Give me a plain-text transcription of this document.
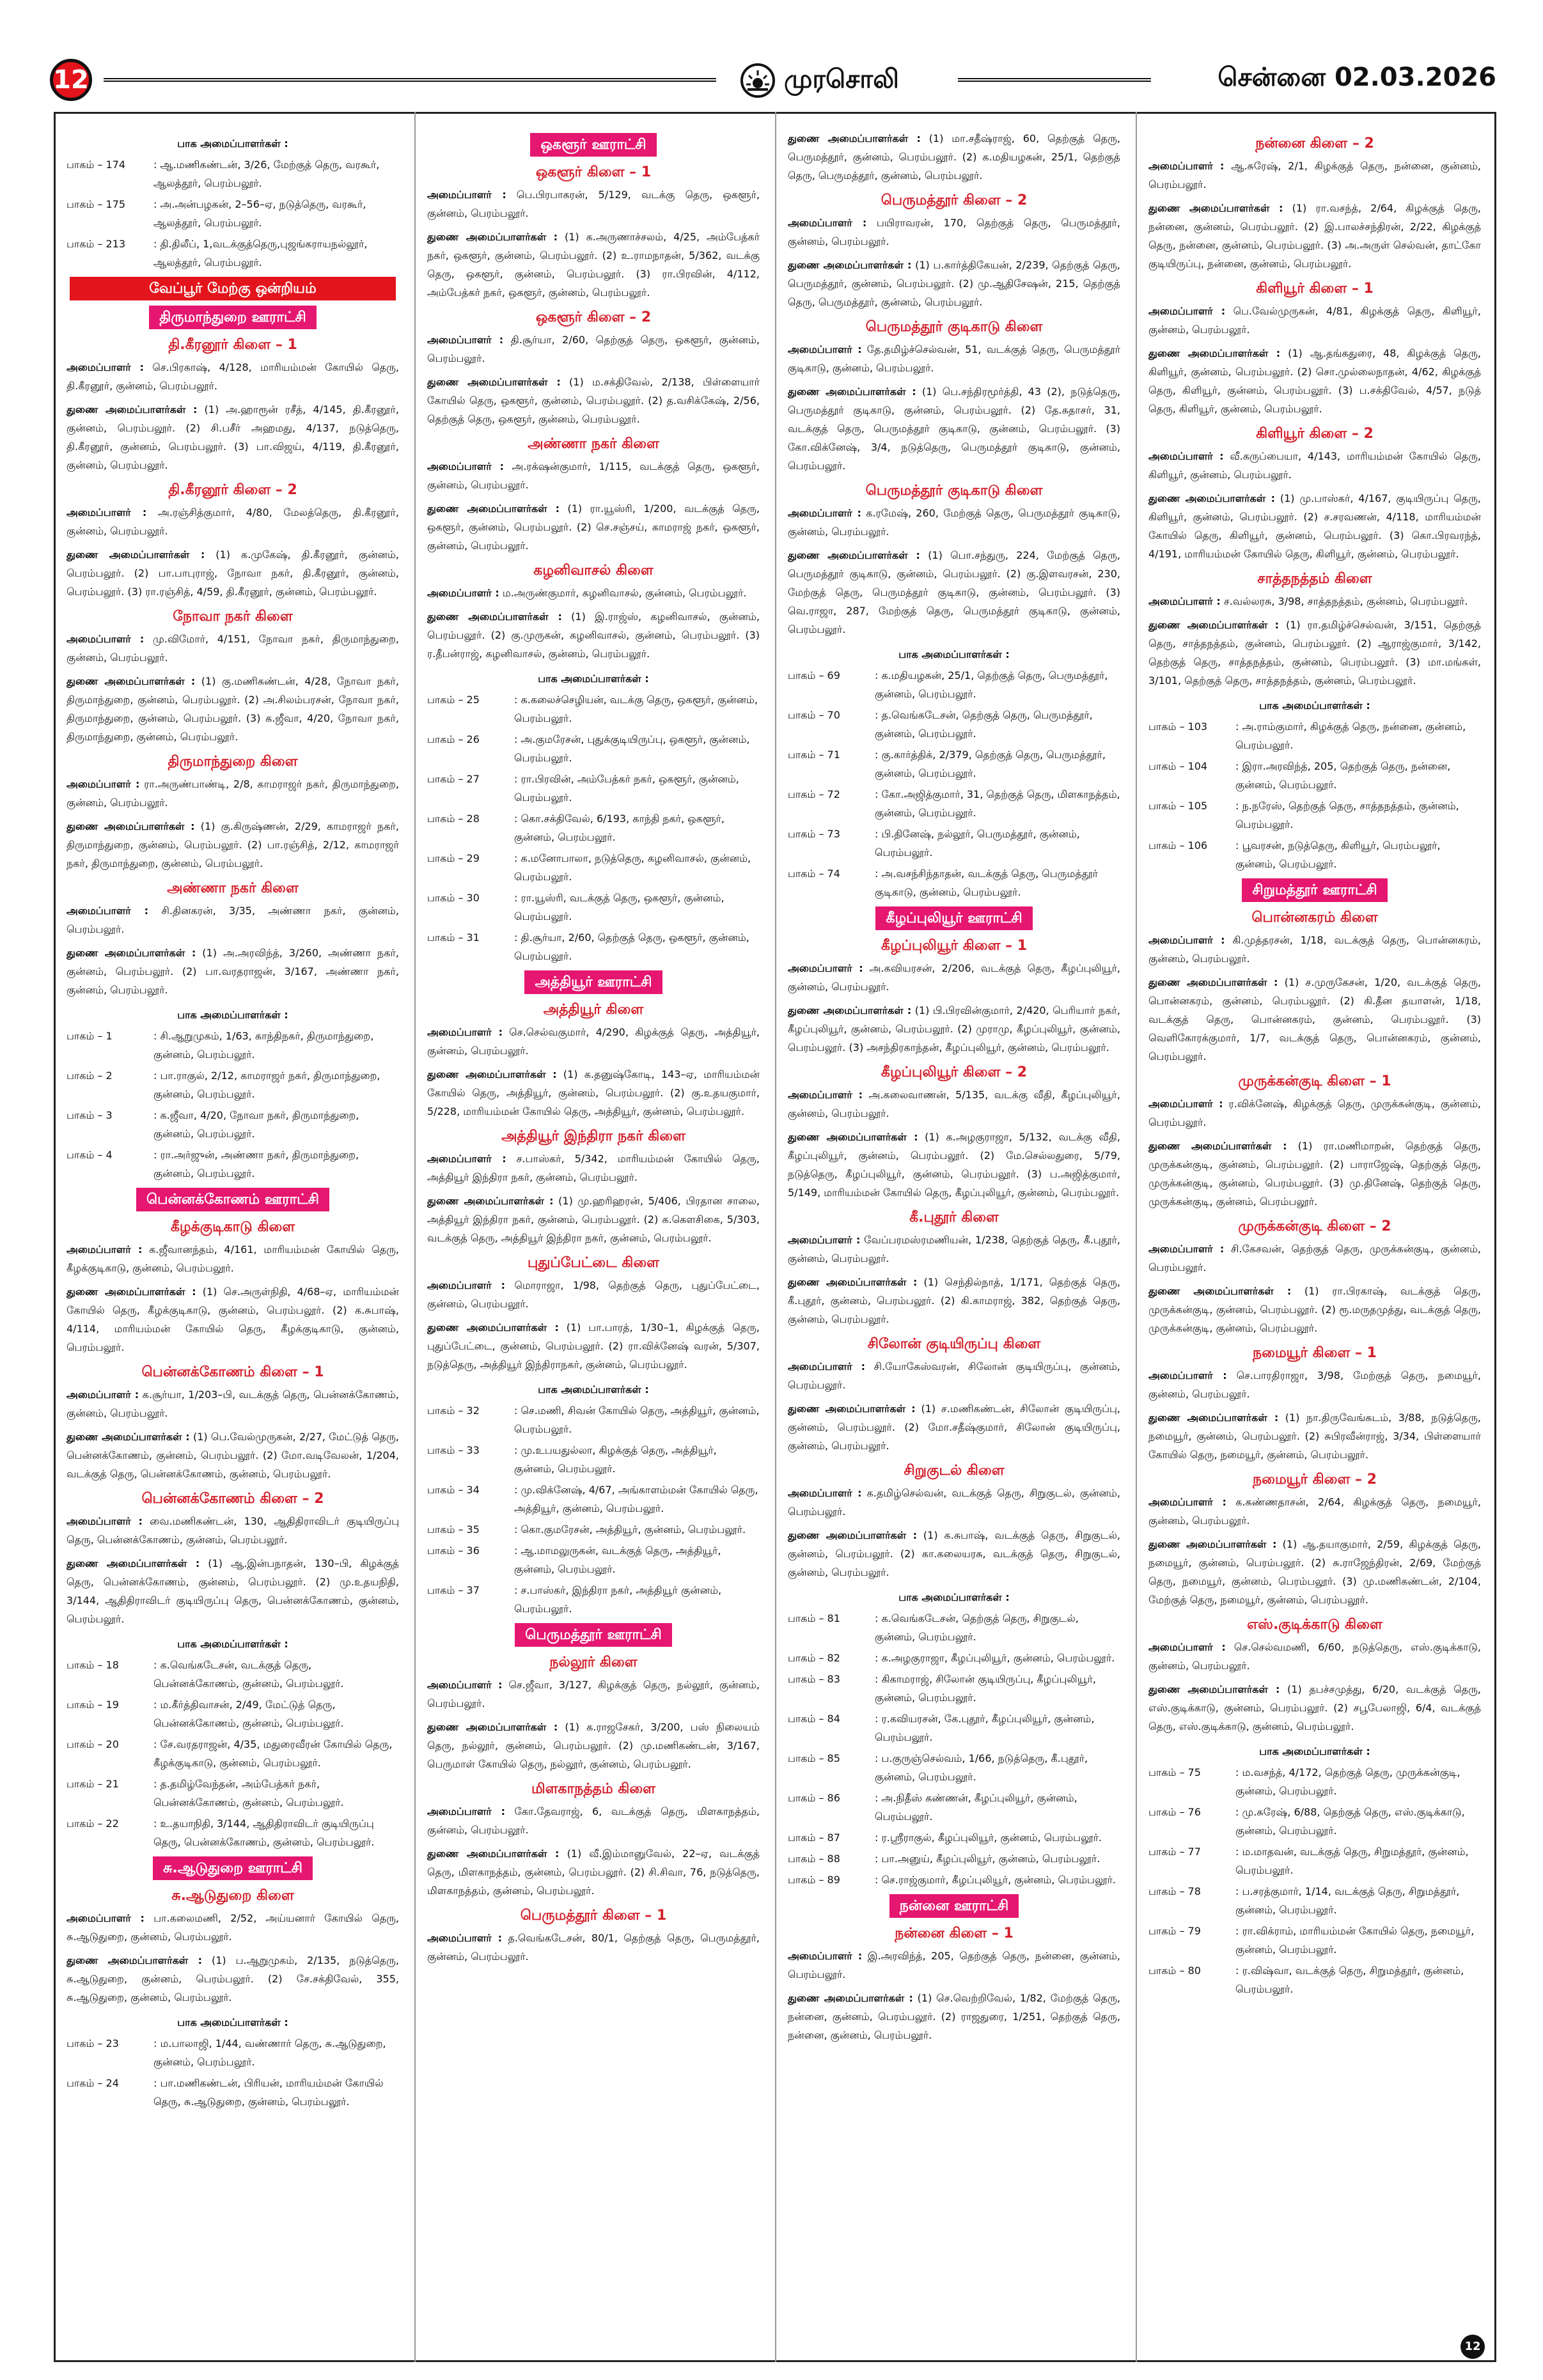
12	முரசொலி	சென்னை 02.03.2026
பாக அமைப்பாளர்கள் :
பாகம் – 174	: ஆ.மணிகண்டன், 3/26, மேற்குத் தெரு, வரகூர், ஆலத்தூர், பெரம்பலூர்.
பாகம் – 175	: அ.அன்பழகன், 2–56–ஏ, நடுத்தெரு, வரகூர், ஆலத்தூர், பெரம்பலூர்.
பாகம் – 213	: தி.திலீப், 1,வடக்குத்தெரு,புஜங்கராயநல்லூர், ஆலத்தூர், பெரம்பலூர்.
வேப்பூர் மேற்கு ஒன்றியம்
திருமாந்துறை ஊராட்சி
தி.கீரனூர் கிளை – 1
அமைப்பாளர் : செ.பிரகாஷ், 4/128, மாரியம்மன் கோயில் தெரு, தி.கீரனூர், குன்னம், பெரம்பலூர்.
துணை அமைப்பாளர்கள் : (1) அ.ஹாரூன் ரசீத், 4/145, தி.கீரனூர், குன்னம், பெரம்பலூர். (2) சி.பசீர் அஹமது, 4/137, நடுத்தெரு, தி.கீரனூர், குன்னம், பெரம்பலூர். (3) பா.விஜய், 4/119, தி.கீரனூர், குன்னம், பெரம்பலூர்.
தி.கீரனூர் கிளை – 2
அமைப்பாளர் : அ.ரஞ்சித்குமார், 4/80, மேலத்தெரு, தி.கீரனூர், குன்னம், பெரம்பலூர்.
துணை அமைப்பாளர்கள் : (1) க.முகேஷ், தி.கீரனூர், குன்னம், பெரம்பலூர். (2) பா.பாபுராஜ், நோவா நகர், தி.கீரனூர், குன்னம், பெரம்பலூர். (3) ரா.ரஞ்சித், 4/59, தி.கீரனூர், குன்னம், பெரம்பலூர்.
நோவா நகர் கிளை
அமைப்பாளர் : மு.விமோர், 4/151, நோவா நகர், திருமாந்துறை, குன்னம், பெரம்பலூர்.
துணை அமைப்பாளர்கள் : (1) கு.மணிகண்டன், 4/28, நோவா நகர், திருமாந்துறை, குன்னம், பெரம்பலூர். (2) அ.சிலம்பரசன், நோவா நகர், திருமாந்துறை, குன்னம், பெரம்பலூர். (3) க.ஜீவா, 4/20, நோவா நகர், திருமாந்துறை, குன்னம், பெரம்பலூர்.
திருமாந்துறை கிளை
அமைப்பாளர் : ரா.அருண்பாண்டி, 2/8, காமராஜர் நகர், திருமாந்துறை, குன்னம், பெரம்பலூர்.
துணை அமைப்பாளர்கள் : (1) கு.கிருஷ்ணன், 2/29, காமராஜர் நகர், திருமாந்துறை, குன்னம், பெரம்பலூர். (2) பா.ரஞ்சித், 2/12, காமராஜர் நகர், திருமாந்துறை, குன்னம், பெரம்பலூர்.
அண்ணா நகர் கிளை
அமைப்பாளர் : சி.தினகரன், 3/35, அண்ணா நகர், குன்னம், பெரம்பலூர்.
துணை அமைப்பாளர்கள் : (1) அ.அரவிந்த், 3/260, அண்ணா நகர், குன்னம், பெரம்பலூர். (2) பா.வரதராஜன், 3/167, அண்ணா நகர், குன்னம், பெரம்பலூர்.
பாக அமைப்பாளர்கள் :
பாகம் – 1	: சி.ஆறுமுகம், 1/63, காந்திநகர், திருமாந்துறை, குன்னம், பெரம்பலூர்.
பாகம் – 2	: பா.ராகுல், 2/12, காமராஜர் நகர், திருமாந்துறை, குன்னம், பெரம்பலூர்.
பாகம் – 3	: க.ஜீவா, 4/20, நோவா நகர், திருமாந்துறை, குன்னம், பெரம்பலூர்.
பாகம் – 4	: ரா.அர்ஜுன், அண்ணா நகர், திருமாந்துறை, குன்னம், பெரம்பலூர்.
பென்னக்கோணம் ஊராட்சி
கீழக்குடிகாடு கிளை
அமைப்பாளர் : க.ஜீவானந்தம், 4/161, மாரியம்மன் கோயில் தெரு, கீழக்குடிகாடு, குன்னம், பெரம்பலூர்.
துணை அமைப்பாளர்கள் : (1) செ.அருள்நிதி, 4/68–ஏ, மாரியம்மன் கோயில் தெரு, கீழக்குடிகாடு, குன்னம், பெரம்பலூர். (2) க.சுபாஷ், 4/114, மாரியம்மன் கோயில் தெரு, கீழக்குடிகாடு, குன்னம், பெரம்பலூர்.
பென்னக்கோணம் கிளை – 1
அமைப்பாளர் : க.சூர்யா, 1/203–பி, வடக்குத் தெரு, பென்னக்கோணம், குன்னம், பெரம்பலூர்.
துணை அமைப்பாளர்கள் : (1) பெ.வேல்முருகன், 2/27, மேட்டுத் தெரு, பென்னக்கோணம், குன்னம், பெரம்பலூர். (2) மோ.வடிவேலன், 1/204, வடக்குத் தெரு, பென்னக்கோணம், குன்னம், பெரம்பலூர்.
பென்னக்கோணம் கிளை – 2
அமைப்பாளர் : வை.மணிகண்டன், 130, ஆதிதிராவிடர் குடியிருப்பு தெரு, பென்னக்கோணம், குன்னம், பெரம்பலூர்.
துணை அமைப்பாளர்கள் : (1) ஆ.இன்பநாதன், 130–பி, கிழக்குத் தெரு, பென்னக்கோணம், குன்னம், பெரம்பலூர். (2) மு.உதயநிதி, 3/144, ஆதிதிராவிடர் குடியிருப்பு தெரு, பென்னக்கோணம், குன்னம், பெரம்பலூர்.
பாக அமைப்பாளர்கள் :
பாகம் – 18	: க.வெங்கடேசன், வடக்குத் தெரு, பென்னக்கோணம், குன்னம், பெரம்பலூர்.
பாகம் – 19	: ம.கீர்த்திவாசன், 2/49, மேட்டுத் தெரு, பென்னக்கோணம், குன்னம், பெரம்பலூர்.
பாகம் – 20	: சே.வரதராஜன், 4/35, மதுரைவீரன் கோயில் தெரு, கீழக்குடிகாடு, குன்னம், பெரம்பலூர்.
பாகம் – 21	: த.தமிழ்வேந்தன், அம்பேத்கர் நகர், பென்னக்கோணம், குன்னம், பெரம்பலூர்.
பாகம் – 22	: உ.தயாநிதி, 3/144, ஆதிதிராவிடர் குடியிருப்பு தெரு, பென்னக்கோணம், குன்னம், பெரம்பலூர்.
சு.ஆடுதுறை ஊராட்சி
சு.ஆடுதுறை கிளை
அமைப்பாளர் : பா.கலைமணி, 2/52, அய்யனார் கோயில் தெரு, சு.ஆடுதுறை, குன்னம், பெரம்பலூர்.
துணை அமைப்பாளர்கள் : (1) ப.ஆறுமுகம், 2/135, நடுத்தெரு, சு.ஆடுதுறை, குன்னம், பெரம்பலூர். (2) சே.சக்திவேல், 355, சு.ஆடுதுறை, குன்னம், பெரம்பலூர்.
பாக அமைப்பாளர்கள் :
பாகம் – 23	: ம.பாலாஜி, 1/44, வண்ணார் தெரு, சு.ஆடுதுறை, குன்னம், பெரம்பலூர்.
பாகம் – 24	: பா.மணிகண்டன், பிரியன், மாரியம்மன் கோயில் தெரு, சு.ஆடுதுறை, குன்னம், பெரம்பலூர்.
ஒகளூர் ஊராட்சி
ஒகளூர் கிளை – 1
அமைப்பாளர் : பெ.பிரபாகரன், 5/129, வடக்கு தெரு, ஒகளூர், குன்னம், பெரம்பலூர்.
துணை அமைப்பாளர்கள் : (1) க.அருணாச்சலம், 4/25, அம்பேத்கர் நகர், ஒகளூர், குன்னம், பெரம்பலூர். (2) உ.ராமநாதன், 5/362, வடக்கு தெரு, ஒகளூர், குன்னம், பெரம்பலூர். (3) ரா.பிரவின், 4/112, அம்பேத்கர் நகர், ஒகளூர், குன்னம், பெரம்பலூர்.
ஒகளூர் கிளை – 2
அமைப்பாளர் : தி.சூர்யா, 2/60, தெற்குத் தெரு, ஒகளூர், குன்னம், பெரம்பலூர்.
துணை அமைப்பாளர்கள் : (1) ம.சக்திவேல், 2/138, பிள்ளையார் கோயில் தெரு, ஒகளூர், குன்னம், பெரம்பலூர். (2) த.வசிக்கேஷ், 2/56, தெற்குத் தெரு, ஒகளூர், குன்னம், பெரம்பலூர்.
அண்ணா நகர் கிளை
அமைப்பாளர் : அ.ரக்‌ஷன்குமார், 1/115, வடக்குத் தெரு, ஒகளூர், குன்னம், பெரம்பலூர்.
துணை அமைப்பாளர்கள் : (1) ரா.யூஸ்ரி, 1/200, வடக்குத் தெரு, ஒகளூர், குன்னம், பெரம்பலூர். (2) செ.சஞ்சய், காமராஜ் நகர், ஒகளூர், குன்னம், பெரம்பலூர்.
கழனிவாசல் கிளை
அமைப்பாளர் : ம.அருண்குமார், கழனிவாசல், குன்னம், பெரம்பலூர்.
துணை அமைப்பாளர்கள் : (1) இ.ராஜ்ஸ், கழனிவாசல், குன்னம், பெரம்பலூர். (2) கு.முருகன், கழனிவாசல், குன்னம், பெரம்பலூர். (3) ர.தீபன்ராஜ், கழனிவாசல், குன்னம், பெரம்பலூர்.
பாக அமைப்பாளர்கள் :
பாகம் – 25	: க.கலைச்செழியன், வடக்கு தெரு, ஒகளூர், குன்னம், பெரம்பலூர்.
பாகம் – 26	: அ.குமரேசன், புதுக்குடியிருப்பு, ஒகளூர், குன்னம், பெரம்பலூர்.
பாகம் – 27	: ரா.பிரவின், அம்பேத்கர் நகர், ஒகளூர், குன்னம், பெரம்பலூர்.
பாகம் – 28	: கொ.சக்திவேல், 6/193, காந்தி நகர், ஒகளூர், குன்னம், பெரம்பலூர்.
பாகம் – 29	: க.மனோபாலா, நடுத்தெரு, கழனிவாசல், குன்னம், பெரம்பலூர்.
பாகம் – 30	: ரா.யூஸ்ரி, வடக்குத் தெரு, ஒகளூர், குன்னம், பெரம்பலூர்.
பாகம் – 31	: தி.சூர்யா, 2/60, தெற்குத் தெரு, ஒகளூர், குன்னம், பெரம்பலூர்.
அத்தியூர் ஊராட்சி
அத்தியூர் கிளை
அமைப்பாளர் : செ.செல்வகுமார், 4/290, கிழக்குத் தெரு, அத்தியூர், குன்னம், பெரம்பலூர்.
துணை அமைப்பாளர்கள் : (1) க.தனுஷ்கோடி, 143–ஏ, மாரியம்மன் கோயில் தெரு, அத்தியூர், குன்னம், பெரம்பலூர். (2) கு.உதயகுமார், 5/228, மாரியம்மன் கோயில் தெரு, அத்தியூர், குன்னம், பெரம்பலூர்.
அத்தியூர் இந்திரா நகர் கிளை
அமைப்பாளர் : ச.பாஸ்கர், 5/342, மாரியம்மன் கோயில் தெரு, அத்தியூர் இந்திரா நகர், குன்னம், பெரம்பலூர்.
துணை அமைப்பாளர்கள் : (1) மு.ஹரிஹரன், 5/406, பிரதான சாலை, அத்தியூர் இந்திரா நகர், குன்னம், பெரம்பலூர். (2) க.கௌசிகை, 5/303, வடக்குத் தெரு, அத்தியூர் இந்திரா நகர், குன்னம், பெரம்பலூர்.
புதுப்பேட்டை கிளை
அமைப்பாளர் : மொராஜா, 1/98, தெற்குத் தெரு, புதுப்பேட்டை, குன்னம், பெரம்பலூர்.
துணை அமைப்பாளர்கள் : (1) பா.பாரத், 1/30–1, கிழக்குத் தெரு, புதுப்பேட்டை, குன்னம், பெரம்பலூர். (2) ரா.விக்னேஷ் வரன், 5/307, நடுத்தெரு, அத்தியூர் இந்திராநகர், குன்னம், பெரம்பலூர்.
பாக அமைப்பாளர்கள் :
பாகம் – 32	: செ.மணி, சிவன் கோயில் தெரு, அத்தியூர், குன்னம், பெரம்பலூர்.
பாகம் – 33	: மு.உபயதுல்லா, கிழக்குத் தெரு, அத்தியூர், குன்னம், பெரம்பலூர்.
பாகம் – 34	: மு.விக்னேஷ், 4/67, அங்காளம்மன் கோயில் தெரு, அத்தியூர், குன்னம், பெரம்பலூர்.
பாகம் – 35	: கொ.குமரேசன், அத்தியூர், குன்னம், பெரம்பலூர்.
பாகம் – 36	: ஆ.மாமலுருகன், வடக்குத் தெரு, அத்தியூர், குன்னம், பெரம்பலூர்.
பாகம் – 37	: ச.பாஸ்கர், இந்திரா நகர், அத்தியூர் குன்னம், பெரம்பலூர்.
பெருமத்தூர் ஊராட்சி
நல்லூர் கிளை
அமைப்பாளர் : செ.ஜீவா, 3/127, கிழக்குத் தெரு, நல்லூர், குன்னம், பெரம்பலூர்.
துணை அமைப்பாளர்கள் : (1) க.ராஜசேகர், 3/200, பஸ் நிலையம் தெரு, நல்லூர், குன்னம், பெரம்பலூர். (2) மு.மணிகண்டன், 3/167, பெருமாள் கோயில் தெரு, நல்லூர், குன்னம், பெரம்பலூர்.
மிளகாநத்தம் கிளை
அமைப்பாளர் : கோ.தேவராஜ், 6, வடக்குத் தெரு, மிளகாநத்தம், குன்னம், பெரம்பலூர்.
துணை அமைப்பாளர்கள் : (1) வீ.இம்மானுவேல், 22–ஏ, வடக்குத் தெரு, மிளகாநத்தம், குன்னம், பெரம்பலூர். (2) சி.சிவா, 76, நடுத்தெரு, மிளகாநத்தம், குன்னம், பெரம்பலூர்.
பெருமத்தூர் கிளை – 1
அமைப்பாளர் : த.வெங்கடேசன், 80/1, தெற்குத் தெரு, பெருமத்தூர், குன்னம், பெரம்பலூர்.
துணை அமைப்பாளர்கள் : (1) மா.சதீஷ்ராஜ், 60, தெற்குத் தெரு, பெருமத்தூர், குன்னம், பெரம்பலூர். (2) க.மதியழகன், 25/1, தெற்குத் தெரு, பெருமத்தூர், குன்னம், பெரம்பலூர்.
பெருமத்தூர் கிளை – 2
அமைப்பாளர் : பயிராவரன், 170, தெற்குத் தெரு, பெருமத்தூர், குன்னம், பெரம்பலூர்.
துணை அமைப்பாளர்கள் : (1) ப.கார்த்திகேயன், 2/239, தெற்குத் தெரு, பெருமத்தூர், குன்னம், பெரம்பலூர். (2) மு.ஆதிசேஷன், 215, தெற்குத் தெரு, பெருமத்தூர், குன்னம், பெரம்பலூர்.
பெருமத்தூர் குடிகாடு கிளை
அமைப்பாளர் : தே.தமிழ்ச்செல்வன், 51, வடக்குத் தெரு, பெருமத்தூர் குடிகாடு, குன்னம், பெரம்பலூர்.
துணை அமைப்பாளர்கள் : (1) பெ.சந்திரமூர்த்தி, 43 (2), நடுத்தெரு, பெருமத்தூர் குடிகாடு, குன்னம், பெரம்பலூர். (2) தே.கதாசர், 31, வடக்குத் தெரு, பெருமத்தூர் குடிகாடு, குன்னம், பெரம்பலூர். (3) கோ.விக்னேஷ், 3/4, நடுத்தெரு, பெருமத்தூர் குடிகாடு, குன்னம், பெரம்பலூர்.
பெருமத்தூர் குடிகாடு கிளை
அமைப்பாளர் : க.ரமேஷ், 260, மேற்குத் தெரு, பெருமத்தூர் குடிகாடு, குன்னம், பெரம்பலூர்.
துணை அமைப்பாளர்கள் : (1) பொ.சந்துரு, 224, மேற்குத் தெரு, பெருமத்தூர் குடிகாடு, குன்னம், பெரம்பலூர். (2) கு.இளவரசன், 230, மேற்குத் தெரு, பெருமத்தூர் குடிகாடு, குன்னம், பெரம்பலூர். (3) வெ.ராஜா, 287, மேற்குத் தெரு, பெருமத்தூர் குடிகாடு, குன்னம், பெரம்பலூர்.
பாக அமைப்பாளர்கள் :
பாகம் – 69	: க.மதியழகன், 25/1, தெற்குத் தெரு, பெருமத்தூர், குன்னம், பெரம்பலூர்.
பாகம் – 70	: த.வெங்கடேசன், தெற்குத் தெரு, பெருமத்தூர், குன்னம், பெரம்பலூர்.
பாகம் – 71	: கு.கார்த்திக், 2/379, தெற்குத் தெரு, பெருமத்தூர், குன்னம், பெரம்பலூர்.
பாகம் – 72	: கோ.அஜித்குமார், 31, தெற்குத் தெரு, மிளகாநத்தம், குன்னம், பெரம்பலூர்.
பாகம் – 73	: பி.தினேஷ், நல்லூர், பெருமத்தூர், குன்னம், பெரம்பலூர்.
பாகம் – 74	: அ.வசந்சிந்தாதன், வடக்குத் தெரு, பெருமத்தூர் குடிகாடு, குன்னம், பெரம்பலூர்.
கீழப்புலியூர் ஊராட்சி
கீழப்புலியூர் கிளை – 1
அமைப்பாளர் : அ.கவியரசன், 2/206, வடக்குத் தெரு, கீழப்புலியூர், குன்னம், பெரம்பலூர்.
துணை அமைப்பாளர்கள் : (1) பி.பிரவின்குமார், 2/420, பெரியார் நகர், கீழப்புலியூர், குன்னம், பெரம்பலூர். (2) முராமு, கீழப்புலியூர், குன்னம், பெரம்பலூர். (3) அசந்திரகாந்தன், கீழப்புலியூர், குன்னம், பெரம்பலூர்.
கீழப்புலியூர் கிளை – 2
அமைப்பாளர் : அ.கலைவாணன், 5/135, வடக்கு வீதி, கீழப்புலியூர், குன்னம், பெரம்பலூர்.
துணை அமைப்பாளர்கள் : (1) க.அழகுராஜா, 5/132, வடக்கு வீதி, கீழப்புலியூர், குன்னம், பெரம்பலூர். (2) மே.செல்லதுரை, 5/79, நடுத்தெரு, கீழப்புலியூர், குன்னம், பெரம்பலூர். (3) ப.அஜித்குமார், 5/149, மாரியம்மன் கோயில் தெரு, கீழப்புலியூர், குன்னம், பெரம்பலூர்.
கீ.புதூர் கிளை
அமைப்பாளர் : வேப்பரமஸ்ரமணியன், 1/238, தெற்குத் தெரு, கீ.புதூர், குன்னம், பெரம்பலூர்.
துணை அமைப்பாளர்கள் : (1) செந்தில்நாத், 1/171, தெற்குத் தெரு, கீ.புதூர், குன்னம், பெரம்பலூர். (2) கி.காமராஜ், 382, தெற்குத் தெரு, குன்னம், பெரம்பலூர்.
சிலோன் குடியிருப்பு கிளை
அமைப்பாளர் : சி.யோகேஸ்வரன், சிலோன் குடியிருப்பு, குன்னம், பெரம்பலூர்.
துணை அமைப்பாளர்கள் : (1) ச.மணிகண்டன், சிலோன் குடியிருப்பு, குன்னம், பெரம்பலூர். (2) மோ.சதீஷ்குமார், சிலோன் குடியிருப்பு, குன்னம், பெரம்பலூர்.
சிறுகுடல் கிளை
அமைப்பாளர் : க.தமிழ்செல்வன், வடக்குத் தெரு, சிறுகுடல், குன்னம், பெரம்பலூர்.
துணை அமைப்பாளர்கள் : (1) க.சுபாஷ், வடக்குத் தெரு, சிறுகுடல், குன்னம், பெரம்பலூர். (2) கா.கலையரசு, வடக்குத் தெரு, சிறுகுடல், குன்னம், பெரம்பலூர்.
பாக அமைப்பாளர்கள் :
பாகம் – 81	: க.வெங்கடேசன், தெற்குத் தெரு, சிறுகுடல், குன்னம், பெரம்பலூர்.
பாகம் – 82	: க.அழகுராஜா, கீழப்புலியூர், குன்னம், பெரம்பலூர்.
பாகம் – 83	: கிகாமராஜ், சிலோன் குடியிருப்பு, கீழப்புலியூர், குன்னம், பெரம்பலூர்.
பாகம் – 84	: ர.கவியரசன், கே.புதூர், கீழப்புலியூர், குன்னம், பெரம்பலூர்.
பாகம் – 85	: ப.குருஞ்செல்வம், 1/66, நடுத்தெரு, கீ.புதூர், குன்னம், பெரம்பலூர்.
பாகம் – 86	: அ.நிதீஸ் கண்ணன், கீழப்புலியூர், குன்னம், பெரம்பலூர்.
பாகம் – 87	: ர.ஸ்ரீராகுல், கீழப்புலியூர், குன்னம், பெரம்பலூர்.
பாகம் – 88	: பா.அனுய், கீழப்புலியூர், குன்னம், பெரம்பலூர்.
பாகம் – 89	: செ.ராஜ்குமார், கீழப்புலியூர், குன்னம், பெரம்பலூர்.
நன்னை ஊராட்சி
நன்னை கிளை – 1
அமைப்பாளர் : இ.அரவிந்த், 205, தெற்குத் தெரு, நன்னை, குன்னம், பெரம்பலூர்.
துணை அமைப்பாளர்கள் : (1) செ.வெற்றிவேல், 1/82, மேற்குத் தெரு, நன்னை, குன்னம், பெரம்பலூர். (2) ராஜதுரை, 1/251, தெற்குத் தெரு, நன்னை, குன்னம், பெரம்பலூர்.
நன்னை கிளை – 2
அமைப்பாளர் : ஆ.சுரேஷ், 2/1, கிழக்குத் தெரு, நன்னை, குன்னம், பெரம்பலூர்.
துணை அமைப்பாளர்கள் : (1) ரா.வசந்த், 2/64, கிழக்குத் தெரு, நன்னை, குன்னம், பெரம்பலூர். (2) இ.பாலச்சந்திரன், 2/22, கிழக்குத் தெரு, நன்னை, குன்னம், பெரம்பலூர். (3) அ.அருள் செல்வன், தாட்கோ குடியிருப்பு, நன்னை, குன்னம், பெரம்பலூர்.
கிளியூர் கிளை – 1
அமைப்பாளர் : பெ.வேல்முருகன், 4/81, கிழக்குத் தெரு, கிளியூர், குன்னம், பெரம்பலூர்.
துணை அமைப்பாளர்கள் : (1) ஆ.தங்கதுரை, 48, கிழக்குத் தெரு, கிளியூர், குன்னம், பெரம்பலூர். (2) சொ.முல்லைநாதன், 4/62, கிழக்குத் தெரு, கிளியூர், குன்னம், பெரம்பலூர். (3) ப.சக்திவேல், 4/57, நடுத் தெரு, கிளியூர், குன்னம், பெரம்பலூர்.
கிளியூர் கிளை – 2
அமைப்பாளர் : வீ.கருப்பையா, 4/143, மாரியம்மன் கோயில் தெரு, கிளியூர், குன்னம், பெரம்பலூர்.
துணை அமைப்பாளர்கள் : (1) மு.பாஸ்கர், 4/167, குடியிருப்பு தெரு, கிளியூர், குன்னம், பெரம்பலூர். (2) ச.சரவணன், 4/118, மாரியம்மன் கோயில் தெரு, கிளியூர், குன்னம், பெரம்பலூர். (3) கொ.பிரவரந்த், 4/191, மாரியம்மன் கோயில் தெரு, கிளியூர், குன்னம், பெரம்பலூர்.
சாத்தநத்தம் கிளை
அமைப்பாளர் : ச.வல்லரசு, 3/98, சாத்தநத்தம், குன்னம், பெரம்பலூர்.
துணை அமைப்பாளர்கள் : (1) ரா.தமிழ்ச்செல்வன், 3/151, தெற்குத் தெரு, சாத்தநத்தம், குன்னம், பெரம்பலூர். (2) ஆராஜ்குமார், 3/142, தெற்குத் தெரு, சாத்தநத்தம், குன்னம், பெரம்பலூர். (3) மா.மங்கள், 3/101, தெற்குத் தெரு, சாத்தநத்தம், குன்னம், பெரம்பலூர்.
பாக அமைப்பாளர்கள் :
பாகம் – 103	: அ.ராம்குமார், கிழக்குத் தெரு, நன்னை, குன்னம், பெரம்பலூர்.
பாகம் – 104	: இரா.அரவிந்த், 205, தெற்குத் தெரு, நன்னை, குன்னம், பெரம்பலூர்.
பாகம் – 105	: ந.நரேஸ், தெற்குத் தெரு, சாத்தநத்தம், குன்னம், பெரம்பலூர்.
பாகம் – 106	: பூவரசன், நடுத்தெரு, கிளியூர், பெரம்பலூர், குன்னம், பெரம்பலூர்.
சிறுமத்தூர் ஊராட்சி
பொன்னகரம் கிளை
அமைப்பாளர் : கி.முத்தரசன், 1/18, வடக்குத் தெரு, பொன்னகரம், குன்னம், பெரம்பலூர்.
துணை அமைப்பாளர்கள் : (1) ச.முருகேசன், 1/20, வடக்குத் தெரு, பொன்னகரம், குன்னம், பெரம்பலூர். (2) கி.தீன தயாளன், 1/18, வடக்குத் தெரு, பொன்னகரம், குன்னம், பெரம்பலூர். (3) வெளிகோரக்குமார், 1/7, வடக்குத் தெரு, பொன்னகரம், குன்னம், பெரம்பலூர்.
முருக்கன்குடி கிளை – 1
அமைப்பாளர் : ர.விக்னேஷ், கிழக்குத் தெரு, முருக்கன்குடி, குன்னம், பெரம்பலூர்.
துணை அமைப்பாளர்கள் : (1) ரா.மணிமாறன், தெற்குத் தெரு, முருக்கன்குடி, குன்னம், பெரம்பலூர். (2) பாராஜேஷ், தெற்குத் தெரு, முருக்கன்குடி, குன்னம், பெரம்பலூர். (3) மு.தினேஷ், தெற்குத் தெரு, முருக்கன்குடி, குன்னம், பெரம்பலூர்.
முருக்கன்குடி கிளை – 2
அமைப்பாளர் : சி.கேசவன், தெற்குத் தெரு, முருக்கன்குடி, குன்னம், பெரம்பலூர்.
துணை அமைப்பாளர்கள் : (1) ரா.பிரகாஷ், வடக்குத் தெரு, முருக்கன்குடி, குன்னம், பெரம்பலூர். (2) ரூ.மருதமுத்து, வடக்குத் தெரு, முருக்கன்குடி, குன்னம், பெரம்பலூர்.
நமையூர் கிளை – 1
அமைப்பாளர் : செ.பாரதிராஜா, 3/98, மேற்குத் தெரு, நமையூர், குன்னம், பெரம்பலூர்.
துணை அமைப்பாளர்கள் : (1) நா.திருவேங்கடம், 3/88, நடுத்தெரு, நமையூர், குன்னம், பெரம்பலூர். (2) சுபிரவீன்ராஜ், 3/34, பிள்ளையார் கோயில் தெரு, நமையூர், குன்னம், பெரம்பலூர்.
நமையூர் கிளை – 2
அமைப்பாளர் : க.கண்ணதாசன், 2/64, கிழக்குத் தெரு, நமையூர், குன்னம், பெரம்பலூர்.
துணை அமைப்பாளர்கள் : (1) ஆ.தயாகுமார், 2/59, கிழக்குத் தெரு, நமையூர், குன்னம், பெரம்பலூர். (2) சு.ராஜேந்திரன், 2/69, மேற்குத் தெரு, நமையூர், குன்னம், பெரம்பலூர். (3) மு.மணிகண்டன், 2/104, மேற்குத் தெரு, நமையூர், குன்னம், பெரம்பலூர்.
எஸ்.குடிக்காடு கிளை
அமைப்பாளர் : செ.செல்வமணி, 6/60, நடுத்தெரு, எஸ்.குடிக்காடு, குன்னம், பெரம்பலூர்.
துணை அமைப்பாளர்கள் : (1) தபச்சமுத்து, 6/20, வடக்குத் தெரு, எஸ்.குடிக்காடு, குன்னம், பெரம்பலூர். (2) சபூபேலாஜி, 6/4, வடக்குத் தெரு, எஸ்.குடிக்காடு, குன்னம், பெரம்பலூர்.
பாக அமைப்பாளர்கள் :
பாகம் – 75	: ம.வசந்த், 4/172, தெற்குத் தெரு, முருக்கன்குடி, குன்னம், பெரம்பலூர்.
பாகம் – 76	: மு.சுரேஷ், 6/88, தெற்குத் தெரு, எஸ்.குடிக்காடு, குன்னம், பெரம்பலூர்.
பாகம் – 77	: ம.மாதவன், வடக்குத் தெரு, சிறுமத்தூர், குன்னம், பெரம்பலூர்.
பாகம் – 78	: ப.சரத்குமார், 1/14, வடக்குத் தெரு, சிறுமத்தூர், குன்னம், பெரம்பலூர்.
பாகம் – 79	: ரா.விக்ராம், மாரியம்மன் கோயில் தெரு, நமையூர், குன்னம், பெரம்பலூர்.
பாகம் – 80	: ர.விஷ்வா, வடக்குத் தெரு, சிறுமத்தூர், குன்னம், பெரம்பலூர்.
12
